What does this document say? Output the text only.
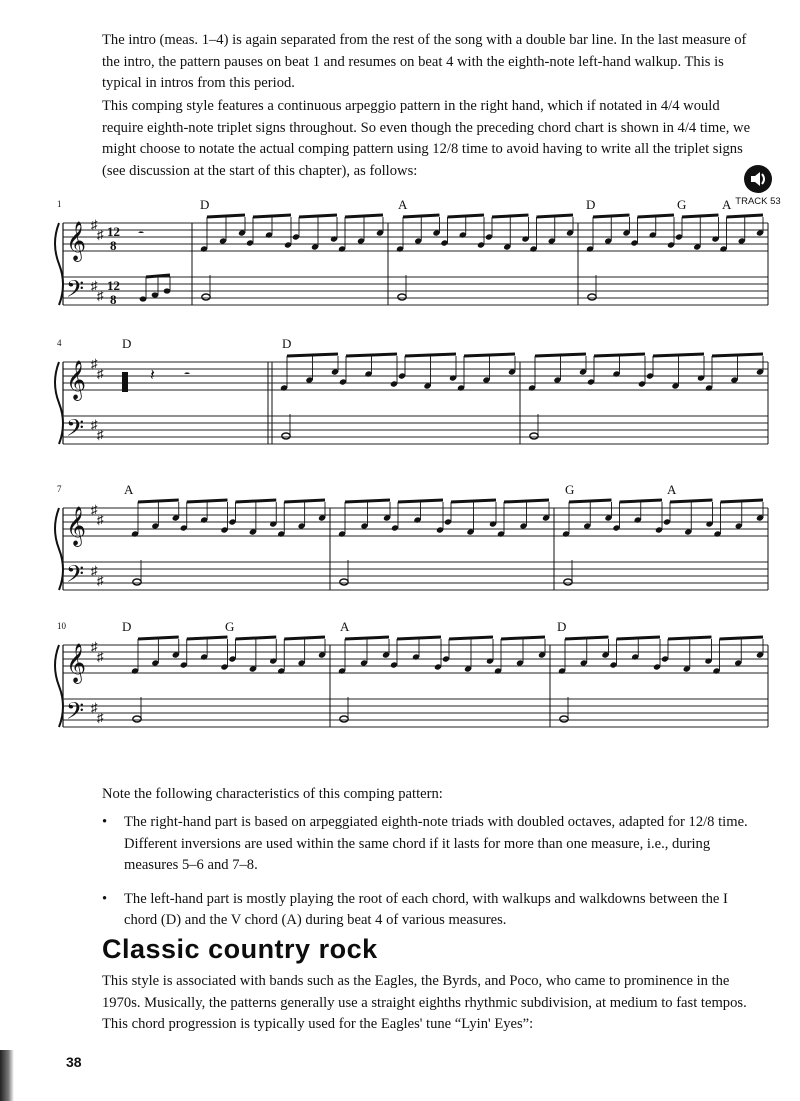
The intro (meas. 1–4) is again separated from the rest of the song with a double bar line. In the last measure of the intro, the pattern pauses on beat 1 and resumes on beat 4 with the eighth-note left-hand walkup. This is typical in intros from this period.

This comping style features a continuous arpeggio pattern in the right hand, which if notated in 4/4 would require eighth-note triplet signs throughout. So even though the preceding chord chart is shown in 4/4 time, we might choose to notate the actual comping pattern using 12/8 time to avoid having to write all the triplet signs (see discussion at the start of this chapter), as follows:

TRACK 53
𝄞 ♯
♯
𝄢 ♯
♯
12
8
12
8
1	D	A	D	G	A
𝄼
𝄞 ♯
♯
𝄢 ♯
♯
4	D	D
𝄽 𝄼
𝄞 ♯
♯
𝄢 ♯
♯
7	A	G	A
𝄞 ♯
♯
𝄢 ♯
♯
10	D	G	A	D

Note the following characteristics of this comping pattern:

• The right-hand part is based on arpeggiated eighth-note triads with doubled octaves, adapted for 12/8 time. Different inversions are used within the same chord if it lasts for more than one measure, i.e., during measures 5–6 and 7–8.
• The left-hand part is mostly playing the root of each chord, with walkups and walkdowns between the I chord (D) and the V chord (A) during beat 4 of various measures.
Classic country rock

This style is associated with bands such as the Eagles, the Byrds, and Poco, who came to prominence in the 1970s. Musically, the patterns generally use a straight eighths rhythmic subdivision, at medium to fast tempos. This chord progression is typically used for the Eagles' tune “Lyin' Eyes”:

38
